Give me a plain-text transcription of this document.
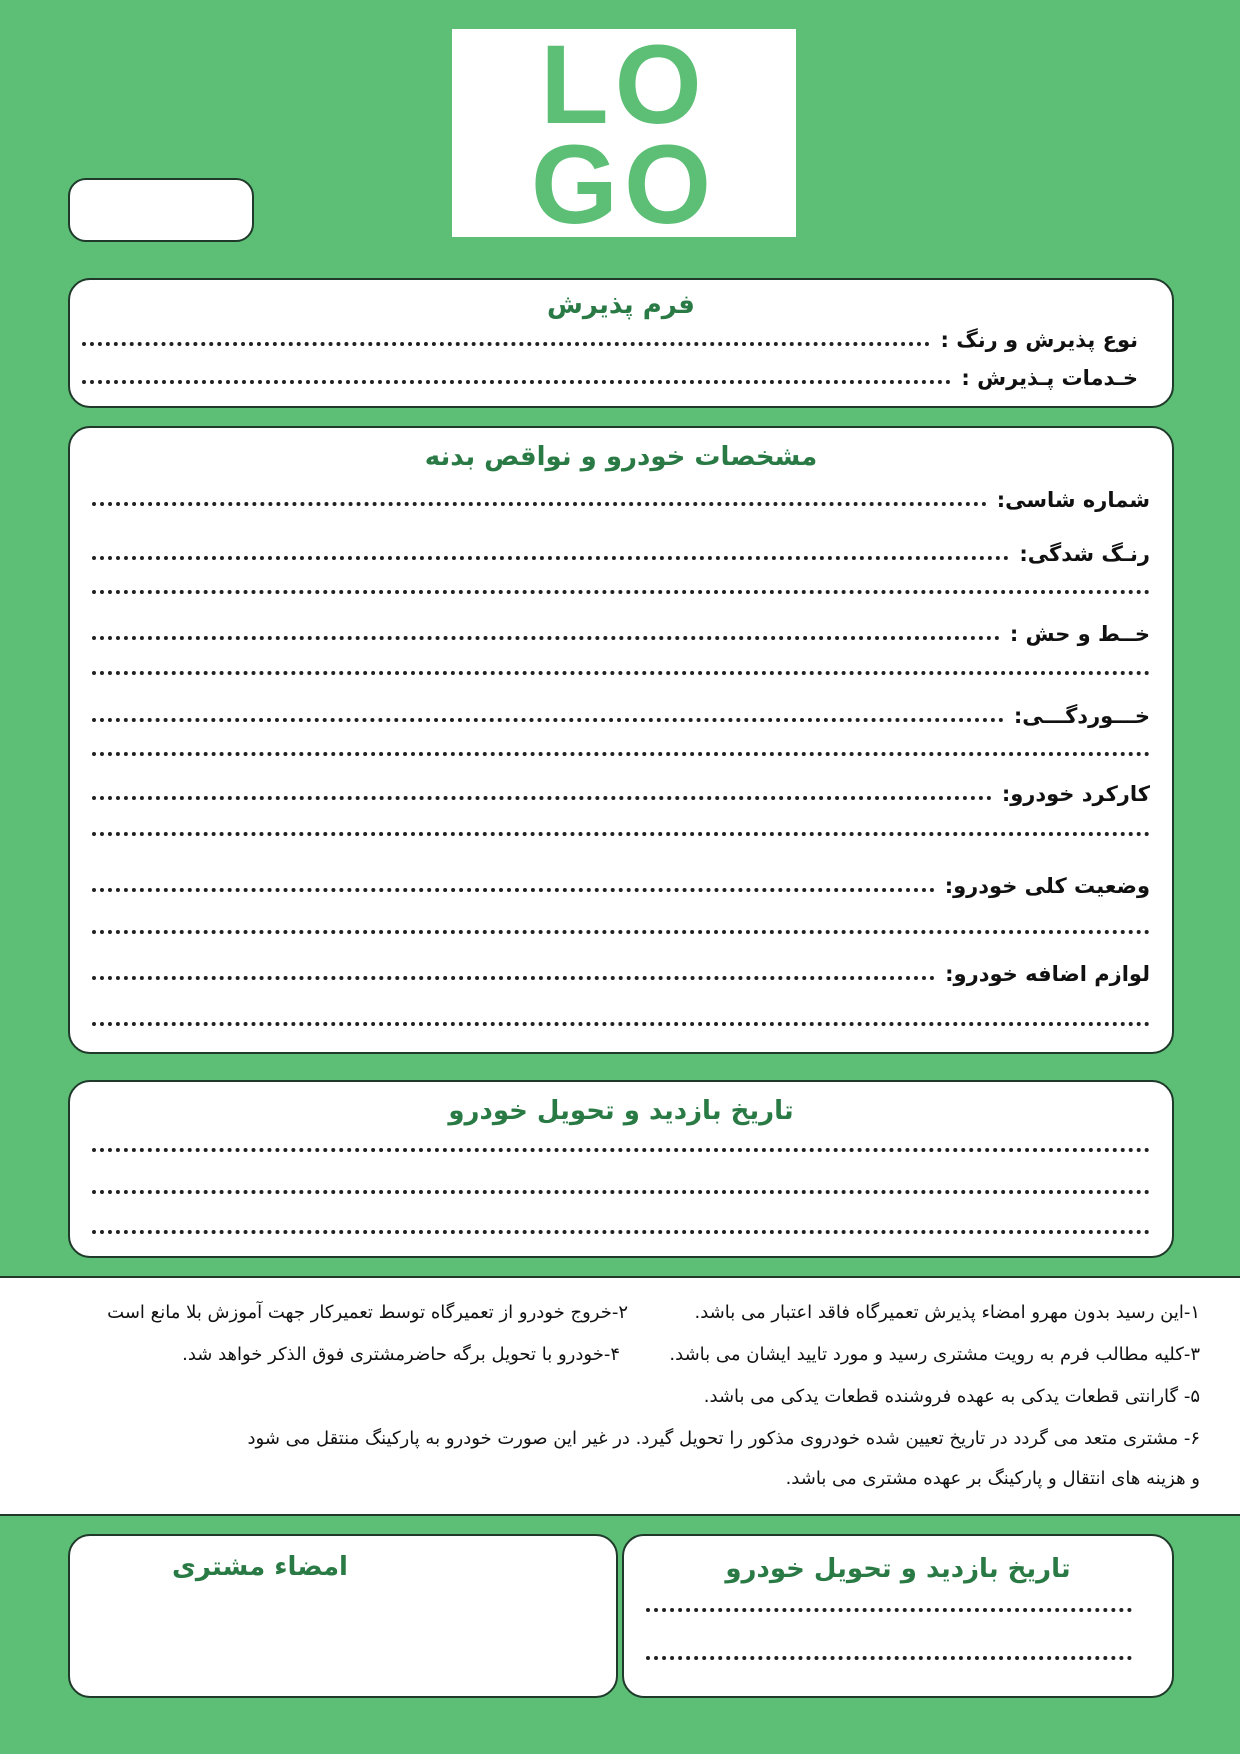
LO
GO
فرم پذیرش
نوع پذیرش و رنگ :
خـدمات پـذیرش :
مشخصات خودرو و نواقص بدنه
شماره شاسی:
رنـگ شدگی:
خــط و حش :
خـــوردگـــی:
کارکرد خودرو:
وضعیت کلی خودرو:
لوازم اضافه خودرو:
تاریخ بازدید و تحویل خودرو
۱-این رسید بدون مهرو امضاء پذیرش تعمیرگاه فاقد اعتبار می باشد.
۲-خروج خودرو از تعمیرگاه توسط تعمیرکار جهت آموزش بلا مانع است
۳-کلیه مطالب فرم به رویت مشتری رسید و مورد تایید ایشان می باشد.
۴-خودرو با تحویل برگه حاضرمشتری فوق الذکر خواهد شد.
۵- گارانتی قطعات یدکی به عهده فروشنده قطعات یدکی می باشد.
۶- مشتری متعد می گردد در تاریخ تعیین شده خودروی مذکور را تحویل گیرد. در غیر این صورت خودرو به پارکینگ منتقل می شود
و هزینه های انتقال و پارکینگ بر عهده مشتری می باشد.
امضاء مشتری	تاریخ بازدید و تحویل خودرو
